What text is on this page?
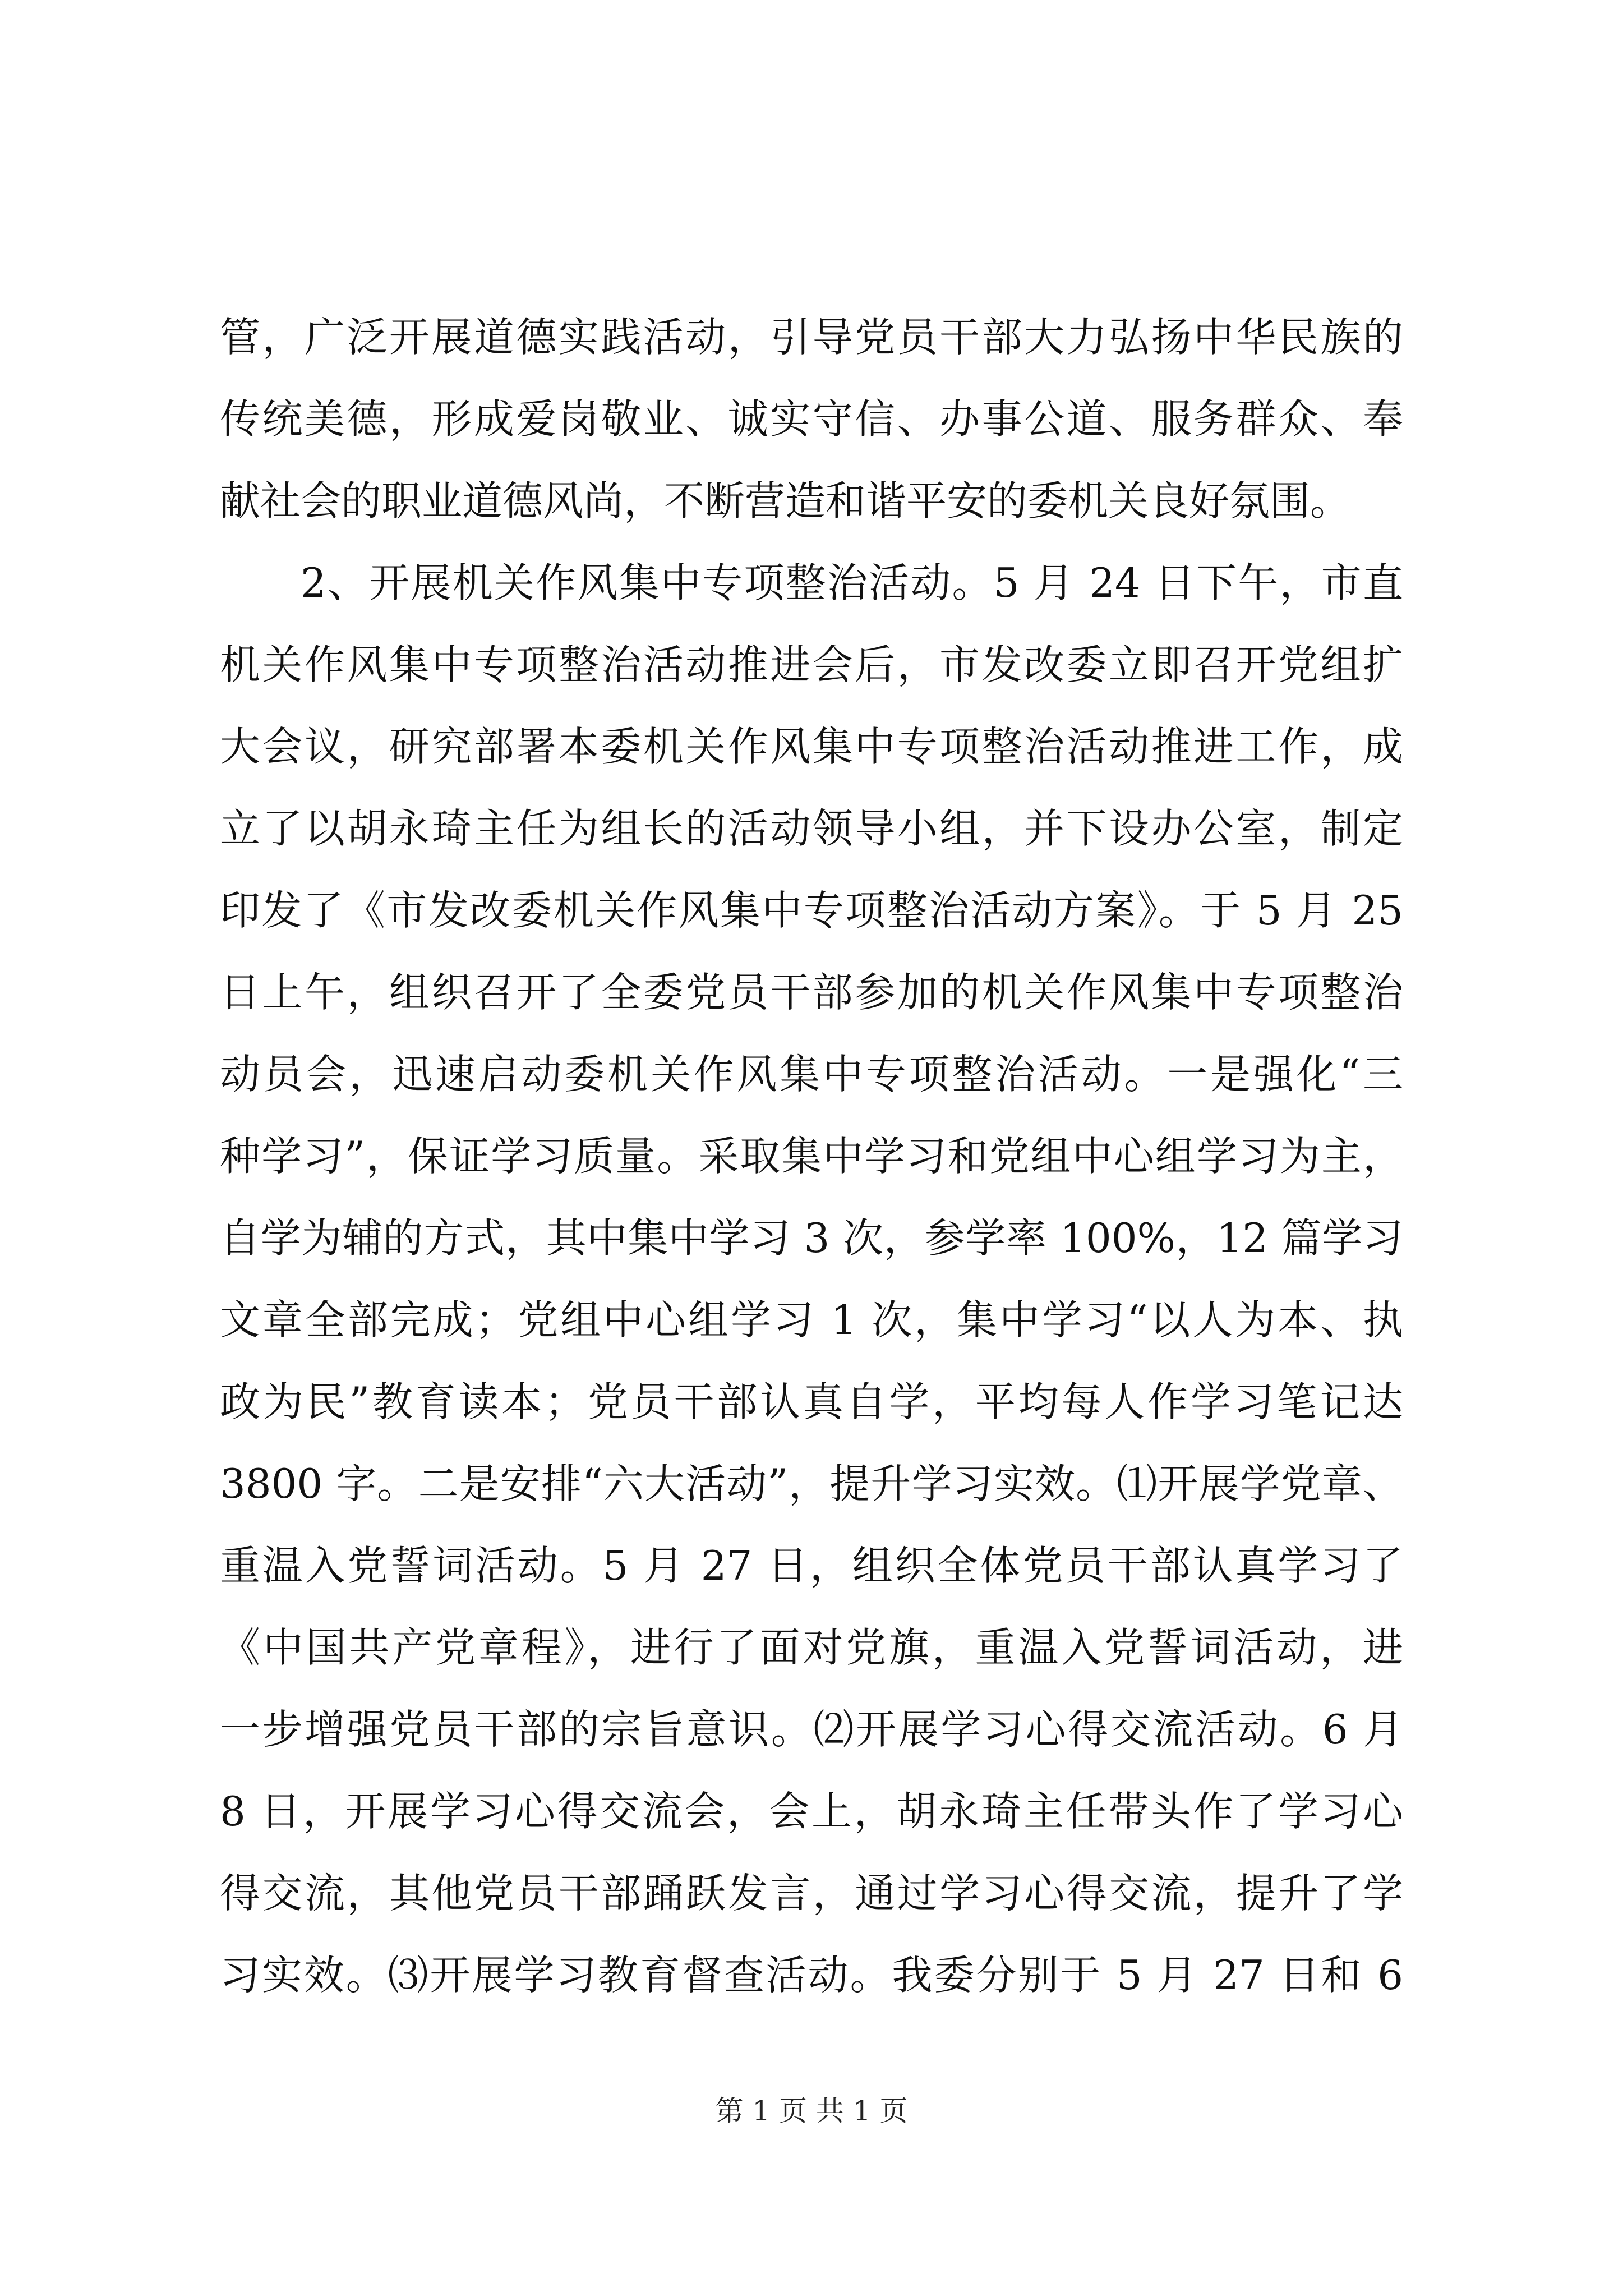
管，广泛开展道德实践活动，引导党员干部大力弘扬中华民族的
传统美德，形成爱岗敬业、诚实守信、办事公道、服务群众、奉
献社会的职业道德风尚，不断营造和谐平安的委机关良好氛围。
2、开展机关作风集中专项整治活动。5 月 24 日下午，市直
机关作风集中专项整治活动推进会后，市发改委立即召开党组扩
大会议，研究部署本委机关作风集中专项整治活动推进工作，成
立了以胡永琦主任为组长的活动领导小组，并下设办公室，制定
印发了《市发改委机关作风集中专项整治活动方案》。于 5 月 25
日上午，组织召开了全委党员干部参加的机关作风集中专项整治
动员会，迅速启动委机关作风集中专项整治活动。一是强化“三
种学习”，保证学习质量。采取集中学习和党组中心组学习为主，
自学为辅的方式，其中集中学习 3 次，参学率 100%，12 篇学习
文章全部完成；党组中心组学习 1 次，集中学习“以人为本、执
政为民”教育读本；党员干部认真自学，平均每人作学习笔记达
3800 字。二是安排“六大活动”，提升学习实效。⑴开展学党章、
重温入党誓词活动。5 月 27 日，组织全体党员干部认真学习了
《中国共产党章程》，进行了面对党旗，重温入党誓词活动，进
一步增强党员干部的宗旨意识。⑵开展学习心得交流活动。6 月
8 日，开展学习心得交流会，会上，胡永琦主任带头作了学习心
得交流，其他党员干部踊跃发言，通过学习心得交流，提升了学
习实效。⑶开展学习教育督查活动。我委分别于 5 月 27 日和 6
第 1 页 共 1 页
